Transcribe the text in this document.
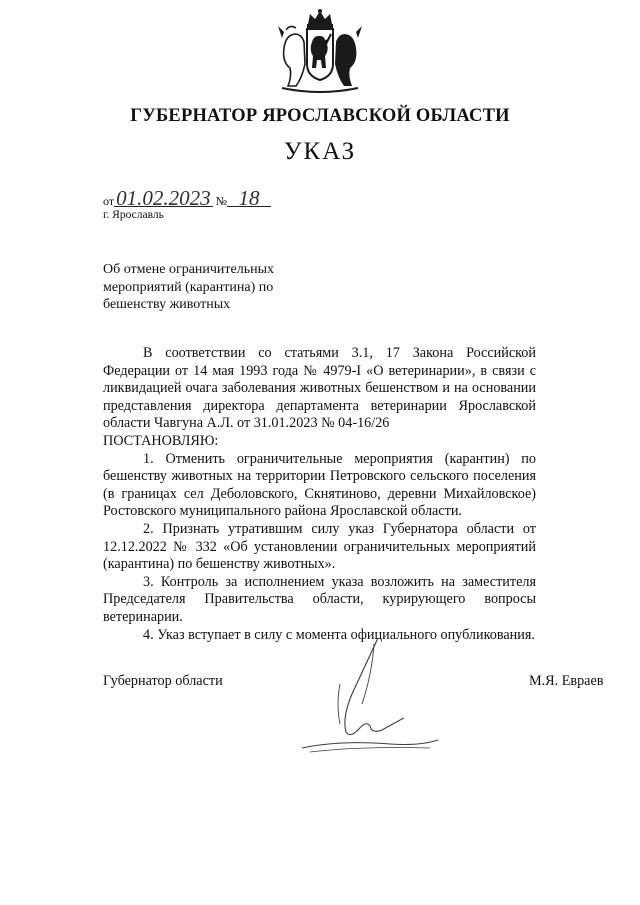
ГУБЕРНАТОР ЯРОСЛАВСКОЙ ОБЛАСТИ
УКАЗ
от01.02.2023 № 18
г. Ярославль
Об отмене ограничительных
мероприятий (карантина) по
бешенству животных

В соответствии со статьями 3.1, 17 Закона Российской Федерации от 14 мая 1993 года № 4979-I «О ветеринарии», в связи с ликвидацией очага заболевания животных бешенством и на основании представления директора департамента ветеринарии Ярославской области Чавгуна А.Л. от 31.01.2023 № 04-16/26

ПОСТАНОВЛЯЮ:

1. Отменить ограничительные мероприятия (карантин) по бешенству животных на территории Петровского сельского поселения (в границах сел Деболовского, Скнятиново, деревни Михайловское) Ростовского муниципального района Ярославской области.

2. Признать утратившим силу указ Губернатора области от 12.12.2022 № 332 «Об установлении ограничительных мероприятий (карантина) по бешенству животных».

3. Контроль за исполнением указа возложить на заместителя Председателя Правительства области, курирующего вопросы ветеринарии.

4. Указ вступает в силу с момента официального опубликования.

Губернатор области	М.Я. Евраев
